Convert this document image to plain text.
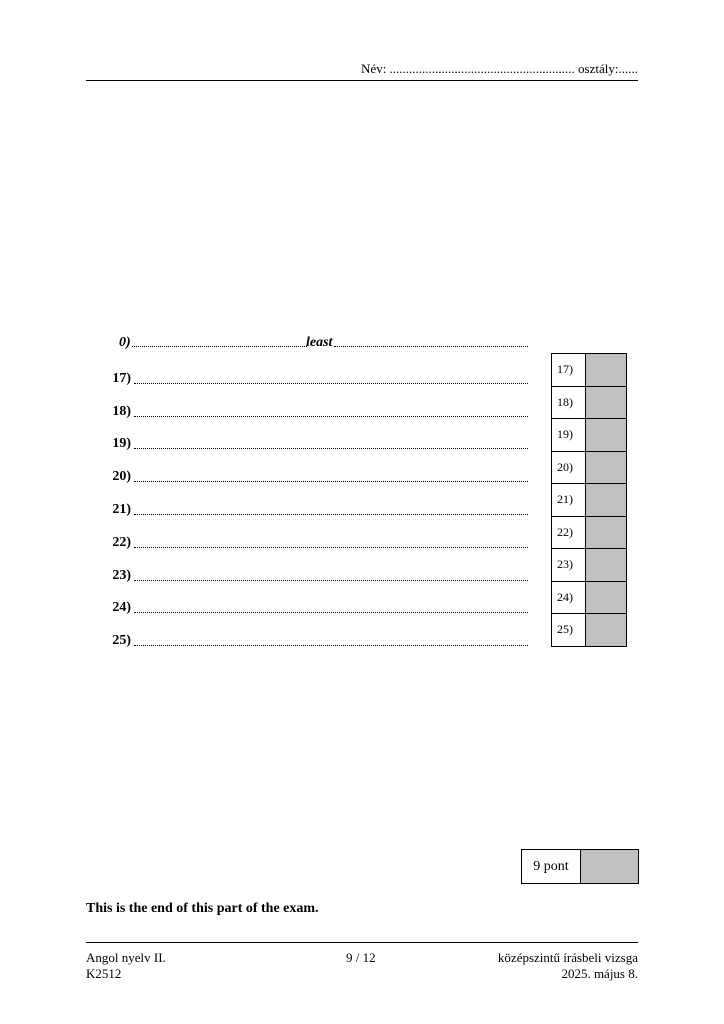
Név: ......................................................... osztály:......
0)	least
17)
18)
19)
20)
21)
22)
23)
24)
25)
17)	
18)	
19)	
20)	
21)	
22)	
23)	
24)	
25)	
9 pont	
This is the end of this part of the exam.
Angol nyelv II.
K2512
9 / 12	középszintű írásbeli vizsga
2025. május 8.
